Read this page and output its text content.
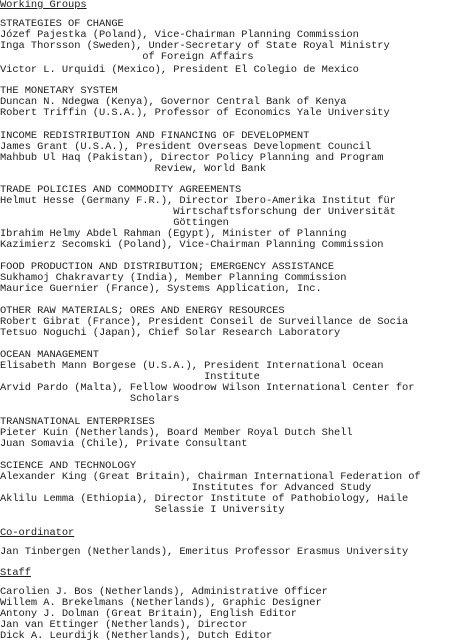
Working Groups

STRATEGIES OF CHANGE

Józef Pajestka (Poland), Vice-Chairman Planning Commission

Inga Thorsson (Sweden), Under-Secretary of State Royal Ministry

of Foreign Affairs

Victor L. Urquidi (Mexico), President El Colegio de Mexico

THE MONETARY SYSTEM

Duncan N. Ndegwa (Kenya), Governor Central Bank of Kenya

Robert Triffin (U.S.A.), Professor of Economics Yale University

INCOME REDISTRIBUTION AND FINANCING OF DEVELOPMENT

James Grant (U.S.A.), President Overseas Development Council

Mahbub Ul Haq (Pakistan), Director Policy Planning and Program

Review, World Bank

TRADE POLICIES AND COMMODITY AGREEMENTS

Helmut Hesse (Germany F.R.), Director Ibero-Amerika Institut für

Wirtschaftsforschung der Universität

Göttingen

Ibrahim Helmy Abdel Rahman (Egypt), Minister of Planning

Kazimierz Secomski (Poland), Vice-Chairman Planning Commission

FOOD PRODUCTION AND DISTRIBUTION; EMERGENCY ASSISTANCE

Sukhamoj Chakravarty (India), Member Planning Commission

Maurice Guernier (France), Systems Application, Inc.

OTHER RAW MATERIALS; ORES AND ENERGY RESOURCES

Robert Gibrat (France), President Conseil de Surveillance de Socia

Tetsuo Noguchi (Japan), Chief Solar Research Laboratory

OCEAN MANAGEMENT

Elisabeth Mann Borgese (U.S.A.), President International Ocean

Institute

Arvid Pardo (Malta), Fellow Woodrow Wilson International Center for

Scholars

TRANSNATIONAL ENTERPRISES

Pieter Kuin (Netherlands), Board Member Royal Dutch Shell

Juan Somavia (Chile), Private Consultant

SCIENCE AND TECHNOLOGY

Alexander King (Great Britain), Chairman International Federation of

Institutes for Advanced Study

Aklilu Lemma (Ethiopia), Director Institute of Pathobiology, Haile

Selassie I University

Co-ordinator

Jan Tinbergen (Netherlands), Emeritus Professor Erasmus University

Staff

Carolien J. Bos (Netherlands), Administrative Officer

Willem A. Brekelmans (Netherlands), Graphic Designer

Antony J. Dolman (Great Britain), English Editor

Jan van Ettinger (Netherlands), Director

Dick A. Leurdijk (Netherlands), Dutch Editor
